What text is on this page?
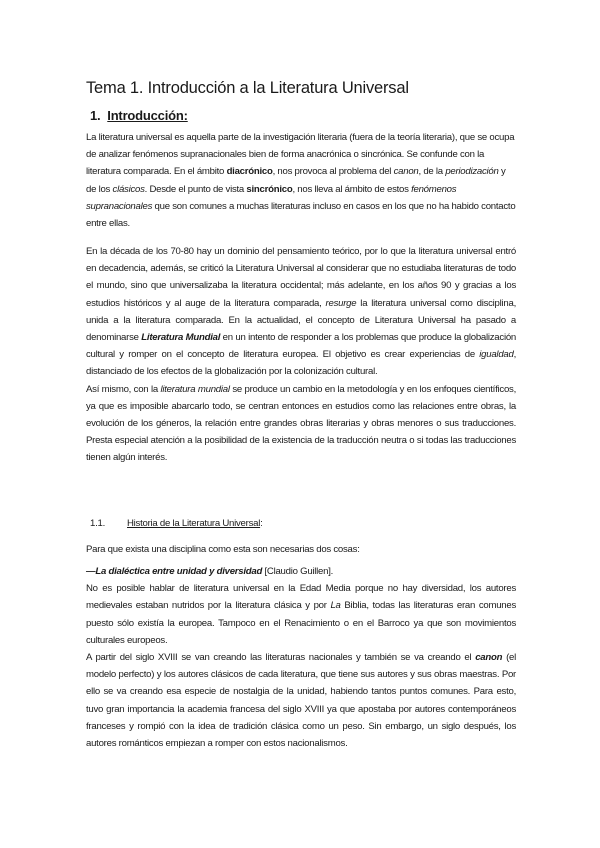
Tema 1. Introducción a la Literatura Universal
1. Introducción:

La literatura universal es aquella parte de la investigación literaria (fuera de la teoría literaria), que se ocupa de analizar fenómenos supranacionales bien de forma anacrónica o sincrónica. Se confunde con la literatura comparada. En el ámbito diacrónico, nos provoca al problema del canon, de la periodización y de los clásicos. Desde el punto de vista sincrónico, nos lleva al ámbito de estos fenómenos supranacionales que son comunes a muchas literaturas incluso en casos en los que no ha habido contacto entre ellas.

En la década de los 70-80 hay un dominio del pensamiento teórico, por lo que la literatura universal entró en decadencia, además, se criticó la Literatura Universal al considerar que no estudiaba literaturas de todo el mundo, sino que universalizaba la literatura occidental; más adelante, en los años 90 y gracias a los estudios históricos y al auge de la literatura comparada, resurge la literatura universal como disciplina, unida a la literatura comparada. En la actualidad, el concepto de Literatura Universal ha pasado a denominarse Literatura Mundial en un intento de responder a los problemas que produce la globalización cultural y romper on el concepto de literatura europea. El objetivo es crear experiencias de igualdad, distanciado de los efectos de la globalización por la colonización cultural.
Así mismo, con la literatura mundial se produce un cambio en la metodología y en los enfoques científicos, ya que es imposible abarcarlo todo, se centran entonces en estudios como las relaciones entre obras, la evolución de los géneros, la relación entre grandes obras literarias y obras menores o sus traducciones. Presta especial atención a la posibilidad de la existencia de la traducción neutra o si todas las traducciones tienen algún interés.

1.1. Historia de la Literatura Universal:

Para que exista una disciplina como esta son necesarias dos cosas:

—La dialéctica entre unidad y diversidad [Claudio Guillen].
No es posible hablar de literatura universal en la Edad Media porque no hay diversidad, los autores medievales estaban nutridos por la literatura clásica y por La Biblia, todas las literaturas eran comunes puesto sólo existía la europea. Tampoco en el Renacimiento o en el Barroco ya que son movimientos culturales europeos.
A partir del siglo XVIII se van creando las literaturas nacionales y también se va creando el canon (el modelo perfecto) y los autores clásicos de cada literatura, que tiene sus autores y sus obras maestras. Por ello se va creando esa especie de nostalgia de la unidad, habiendo tantos puntos comunes. Para esto, tuvo gran importancia la academia francesa del siglo XVIII ya que apostaba por autores contemporáneos franceses y rompió con la idea de tradición clásica como un peso. Sin embargo, un siglo después, los autores románticos empiezan a romper con estos nacionalismos.
